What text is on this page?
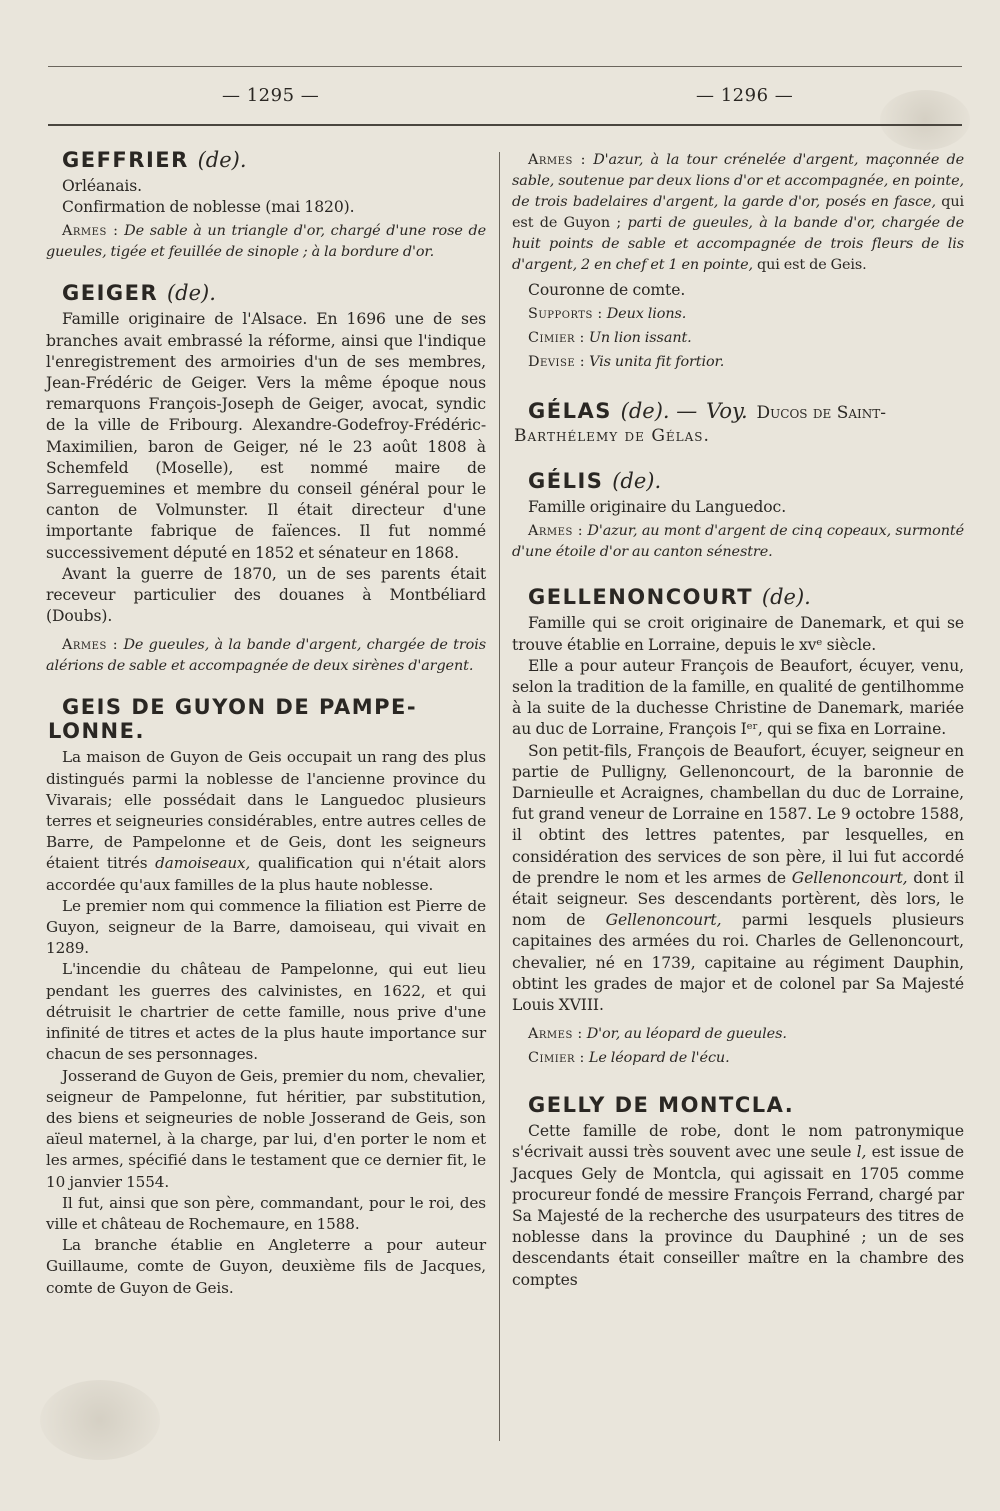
— 1295 —	— 1296 —
GEFFRIER (de).

Orléanais.

Confirmation de noblesse (mai 1820).

Armes : De sable à un triangle d'or, chargé d'une rose de gueules, tigée et feuillée de sinople ; à la bordure d'or.

GEIGER (de).

Famille originaire de l'Alsace. En 1696 une de ses branches avait embrassé la réforme, ainsi que l'indique l'enregistrement des armoiries d'un de ses membres, Jean-Frédéric de Geiger. Vers la même époque nous remarquons François-Joseph de Geiger, avocat, syndic de la ville de Fribourg. Alexandre-Godefroy-Frédéric-Maximilien, baron de Geiger, né le 23 août 1808 à Schemfeld (Moselle), est nommé maire de Sarreguemines et membre du conseil général pour le canton de Volmunster. Il était directeur d'une importante fabrique de faïences. Il fut nommé successivement député en 1852 et sénateur en 1868.

Avant la guerre de 1870, un de ses parents était receveur particulier des douanes à Montbéliard (Doubs).

Armes : De gueules, à la bande d'argent, chargée de trois alérions de sable et accompagnée de deux sirènes d'argent.

GEIS DE GUYON DE PAMPE-
LONNE.

La maison de Guyon de Geis occupait un rang des plus distingués parmi la noblesse de l'ancienne province du Vivarais; elle possédait dans le Languedoc plusieurs terres et seigneuries considérables, entre autres celles de Barre, de Pampelonne et de Geis, dont les seigneurs étaient titrés damoiseaux, qualification qui n'était alors accordée qu'aux familles de la plus haute noblesse.

Le premier nom qui commence la filiation est Pierre de Guyon, seigneur de la Barre, damoiseau, qui vivait en 1289.

L'incendie du château de Pampelonne, qui eut lieu pendant les guerres des calvinistes, en 1622, et qui détruisit le chartrier de cette famille, nous prive d'une infinité de titres et actes de la plus haute importance sur chacun de ses personnages.

Josserand de Guyon de Geis, premier du nom, chevalier, seigneur de Pampelonne, fut héritier, par substitution, des biens et seigneuries de noble Josserand de Geis, son aïeul maternel, à la charge, par lui, d'en porter le nom et les armes, spécifié dans le testament que ce dernier fit, le 10 janvier 1554.

Il fut, ainsi que son père, commandant, pour le roi, des ville et château de Rochemaure, en 1588.

La branche établie en Angleterre a pour auteur Guillaume, comte de Guyon, deuxième fils de Jacques, comte de Guyon de Geis.

Armes : D'azur, à la tour crénelée d'argent, maçonnée de sable, soutenue par deux lions d'or et accompagnée, en pointe, de trois badelaires d'argent, la garde d'or, posés en fasce, qui est de Guyon ; parti de gueules, à la bande d'or, chargée de huit points de sable et accompagnée de trois fleurs de lis d'argent, 2 en chef et 1 en pointe, qui est de Geis.

Couronne de comte.

Supports : Deux lions.

Cimier : Un lion issant.

Devise : Vis unita fit fortior.

GÉLAS (de). — Voy. Ducos de Saint-
Barthélemy de Gélas.
GÉLIS (de).

Famille originaire du Languedoc.

Armes : D'azur, au mont d'argent de cinq copeaux, surmonté d'une étoile d'or au canton sénestre.

GELLENONCOURT (de).

Famille qui se croit originaire de Danemark, et qui se trouve établie en Lorraine, depuis le xvᵉ siècle.

Elle a pour auteur François de Beaufort, écuyer, venu, selon la tradition de la famille, en qualité de gentilhomme à la suite de la duchesse Christine de Danemark, mariée au duc de Lorraine, François Iᵉʳ, qui se fixa en Lorraine.

Son petit-fils, François de Beaufort, écuyer, seigneur en partie de Pulligny, Gellenoncourt, de la baronnie de Darnieulle et Acraignes, chambellan du duc de Lorraine, fut grand veneur de Lorraine en 1587. Le 9 octobre 1588, il obtint des lettres patentes, par lesquelles, en considération des services de son père, il lui fut accordé de prendre le nom et les armes de Gellenoncourt, dont il était seigneur. Ses descendants portèrent, dès lors, le nom de Gellenoncourt, parmi lesquels plusieurs capitaines des armées du roi. Charles de Gellenoncourt, chevalier, né en 1739, capitaine au régiment Dauphin, obtint les grades de major et de colonel par Sa Majesté Louis XVIII.

Armes : D'or, au léopard de gueules.

Cimier : Le léopard de l'écu.

GELLY DE MONTCLA.

Cette famille de robe, dont le nom patronymique s'écrivait aussi très souvent avec une seule l, est issue de Jacques Gely de Montcla, qui agissait en 1705 comme procureur fondé de messire François Ferrand, chargé par Sa Majesté de la recherche des usurpateurs des titres de noblesse dans la province du Dauphiné ; un de ses descendants était conseiller maître en la chambre des comptes
